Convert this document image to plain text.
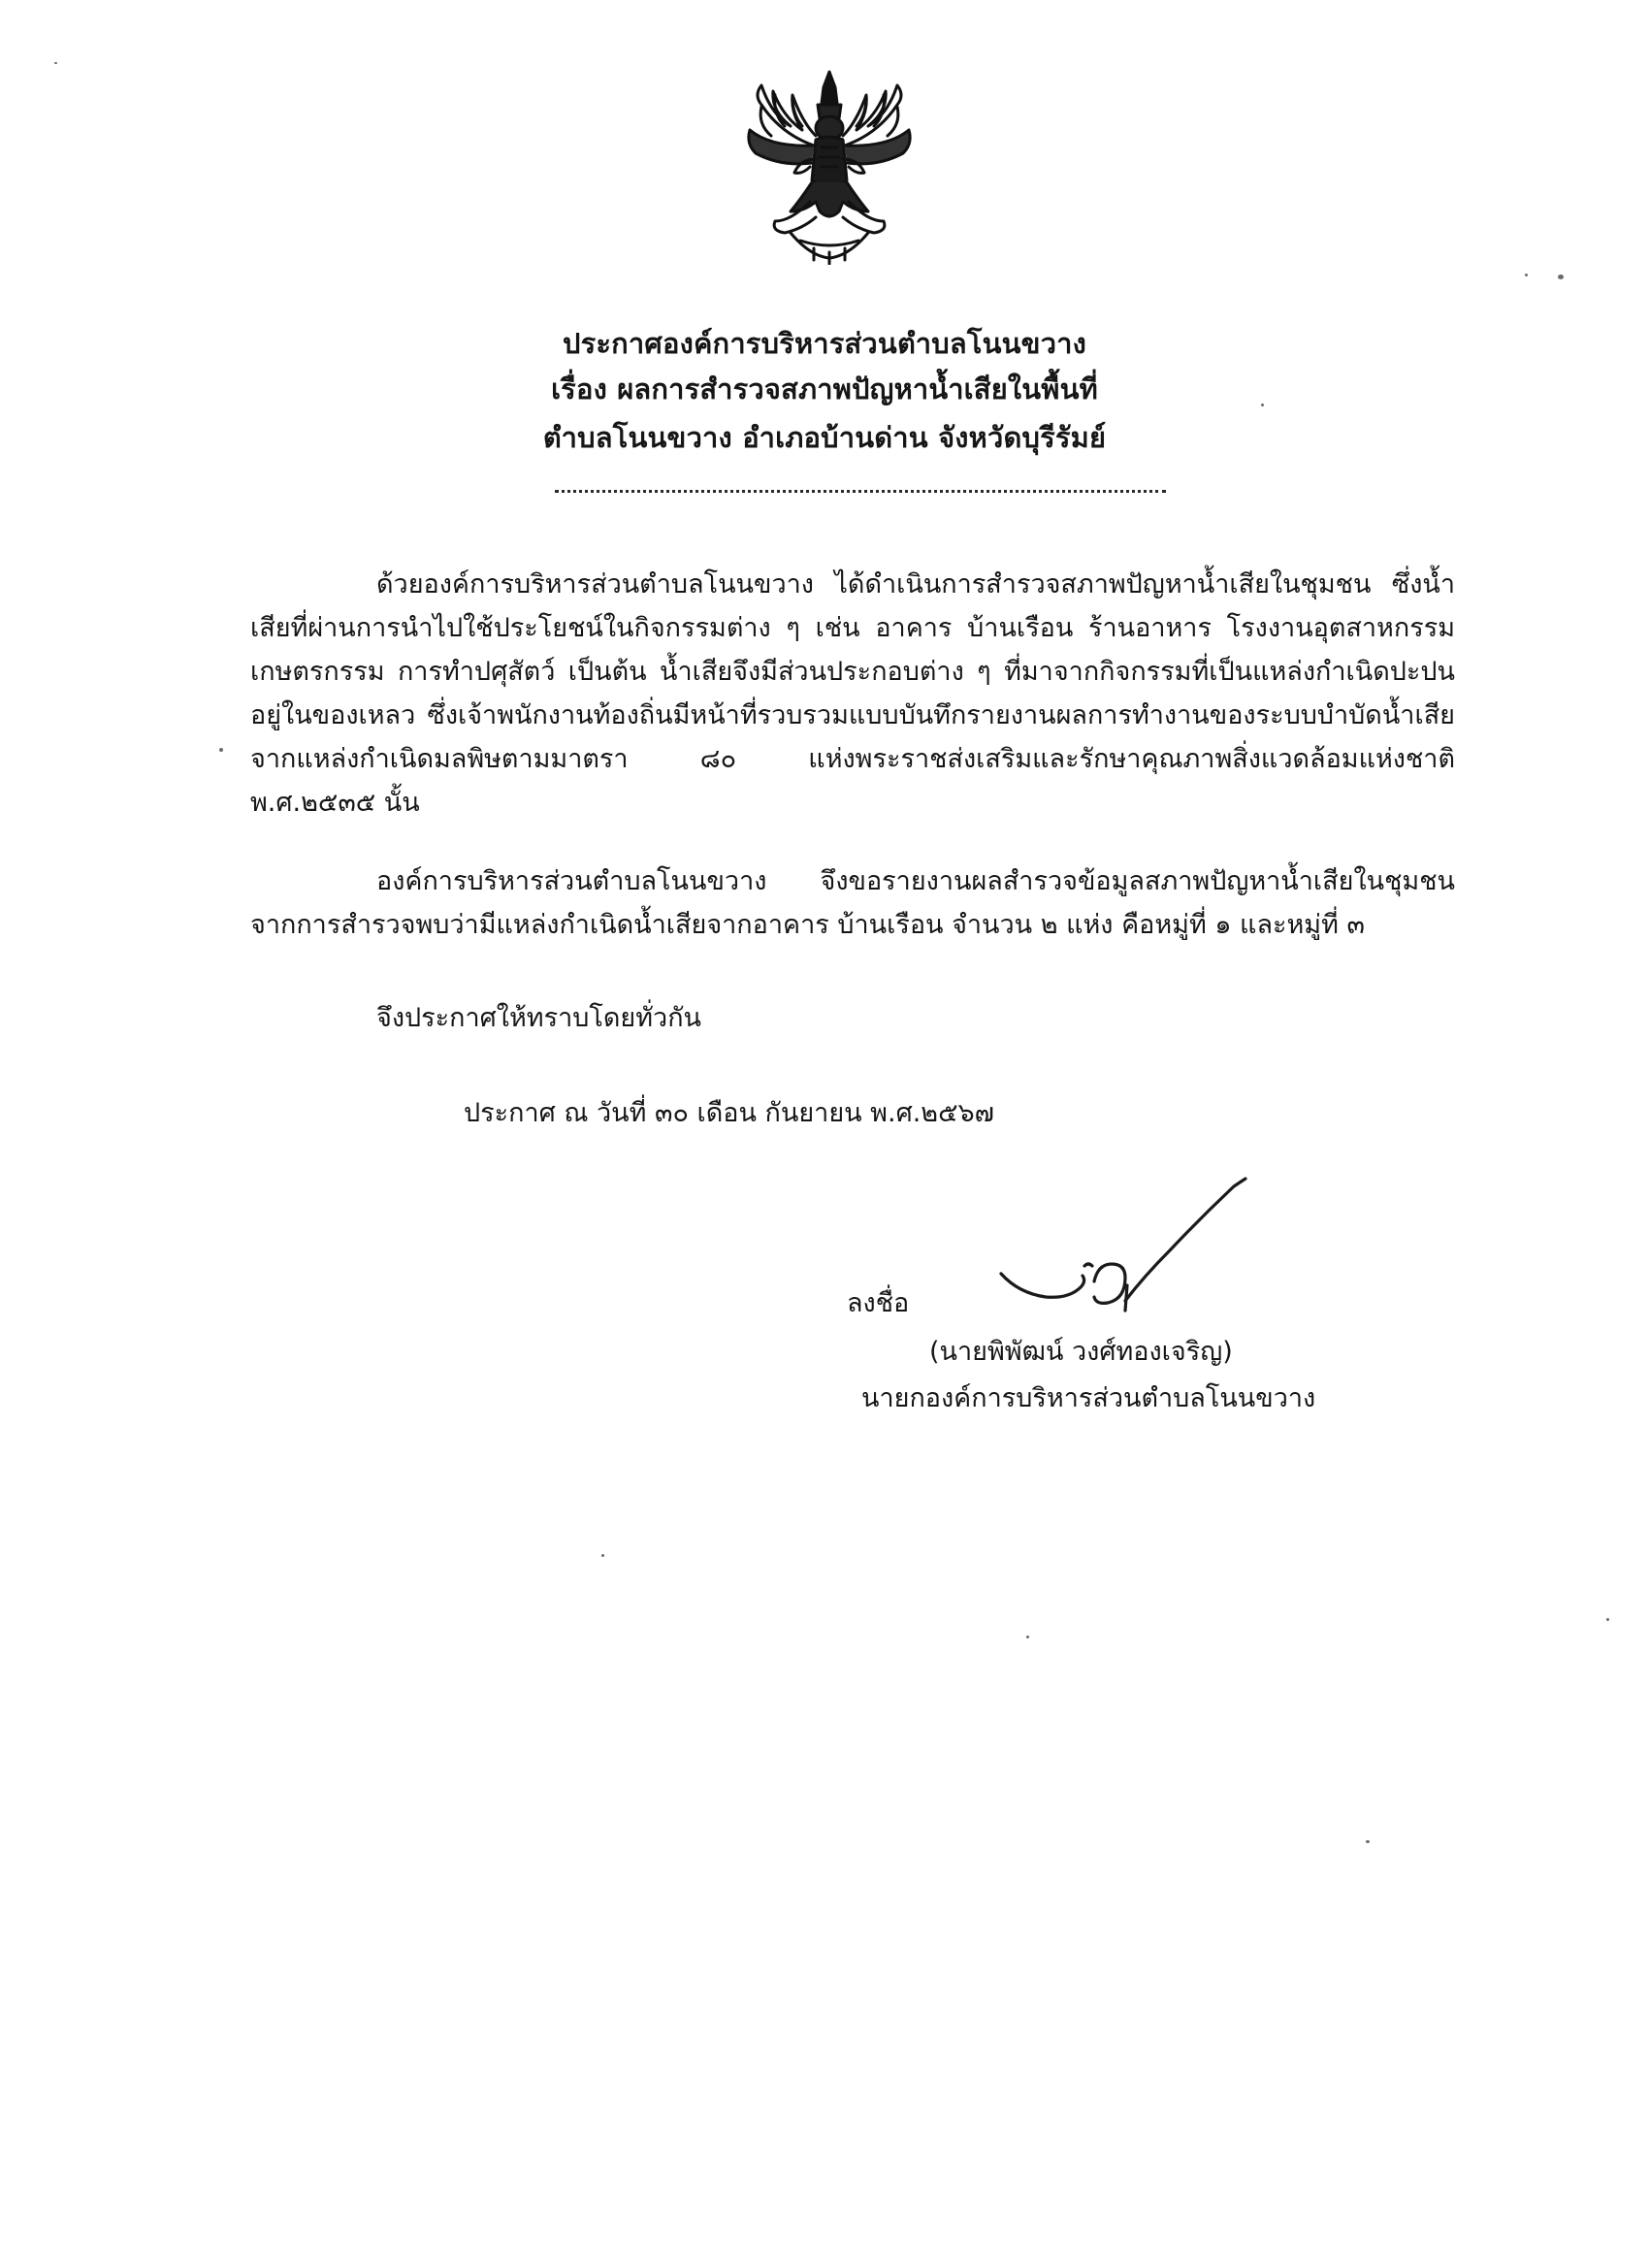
ประกาศองค์การบริหารส่วนตำบลโนนขวาง
เรื่อง ผลการสำรวจสภาพปัญหาน้ำเสียในพื้นที่
ตำบลโนนขวาง อำเภอบ้านด่าน จังหวัดบุรีรัมย์
ด้วยองค์การบริหารส่วนตำบลโนนขวาง ได้ดำเนินการสำรวจสภาพปัญหาน้ำเสียในชุมชน ซึ่งน้ำเสียที่ผ่านการนำไปใช้ประโยชน์ในกิจกรรมต่าง ๆ เช่น อาคาร บ้านเรือน ร้านอาหาร โรงงานอุตสาหกรรม เกษตรกรรม การทำปศุสัตว์ เป็นต้น น้ำเสียจึงมีส่วนประกอบต่าง ๆ ที่มาจากกิจกรรมที่เป็นแหล่งกำเนิดปะปนอยู่ในของเหลว ซึ่งเจ้าพนักงานท้องถิ่นมีหน้าที่รวบรวมแบบบันทึกรายงานผลการทำงานของระบบบำบัดน้ำเสียจากแหล่งกำเนิดมลพิษตามมาตรา ๘๐ แห่งพระราชส่งเสริมและรักษาคุณภาพสิ่งแวดล้อมแห่งชาติ พ.ศ.๒๕๓๕ นั้น
องค์การบริหารส่วนตำบลโนนขวาง จึงขอรายงานผลสำรวจข้อมูลสภาพปัญหาน้ำเสียในชุมชนจากการสำรวจพบว่ามีแหล่งกำเนิดน้ำเสียจากอาคาร บ้านเรือน จำนวน ๒ แห่ง คือหมู่ที่ ๑ และหมู่ที่ ๓
จึงประกาศให้ทราบโดยทั่วกัน
ประกาศ ณ วันที่ ๓๐ เดือน กันยายน พ.ศ.๒๕๖๗
ลงชื่อ
(นายพิพัฒน์ วงศ์ทองเจริญ)
นายกองค์การบริหารส่วนตำบลโนนขวาง
